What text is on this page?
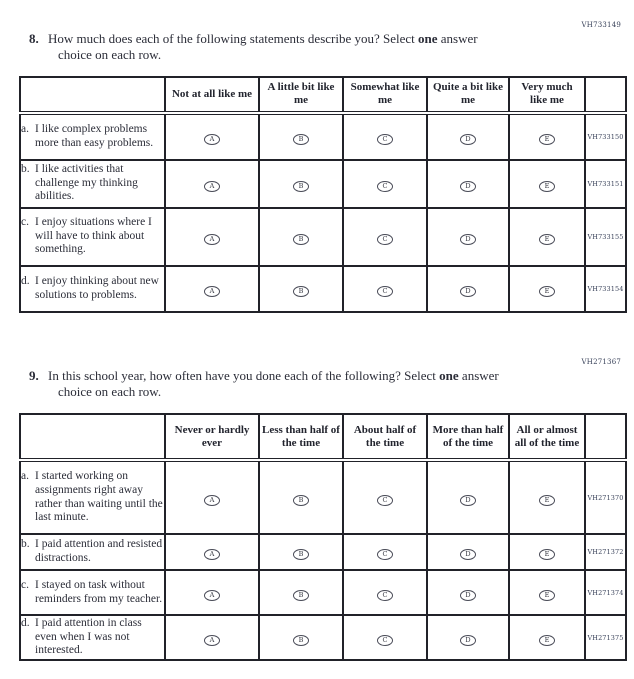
VH733149
8. How much does each of the following statements describe you? Select one answer
choice on each row.
	Not at all like me	A little bit like me	Somewhat like me	Quite a bit like me	Very much like me	

a. I like complex problems more than easy problems.	A	B	C	D	E	VH733150

b. I like activities that challenge my thinking abilities.	A	B	C	D	E	VH733151

c. I enjoy situations where I will have to think about something.	A	B	C	D	E	VH733155

d. I enjoy thinking about new solutions to problems.	A	B	C	D	E	VH733154
VH271367
9. In this school year, how often have you done each of the following? Select one answer
choice on each row.
	Never or hardly ever	Less than half of the time	About half of the time	More than half of the time	All or almost all of the time	

a. I started working on assignments right away rather than waiting until the last minute.	A	B	C	D	E	VH271370

b. I paid attention and resisted distractions.	A	B	C	D	E	VH271372

c. I stayed on task without reminders from my teacher.	A	B	C	D	E	VH271374

d. I paid attention in class even when I was not interested.	A	B	C	D	E	VH271375
